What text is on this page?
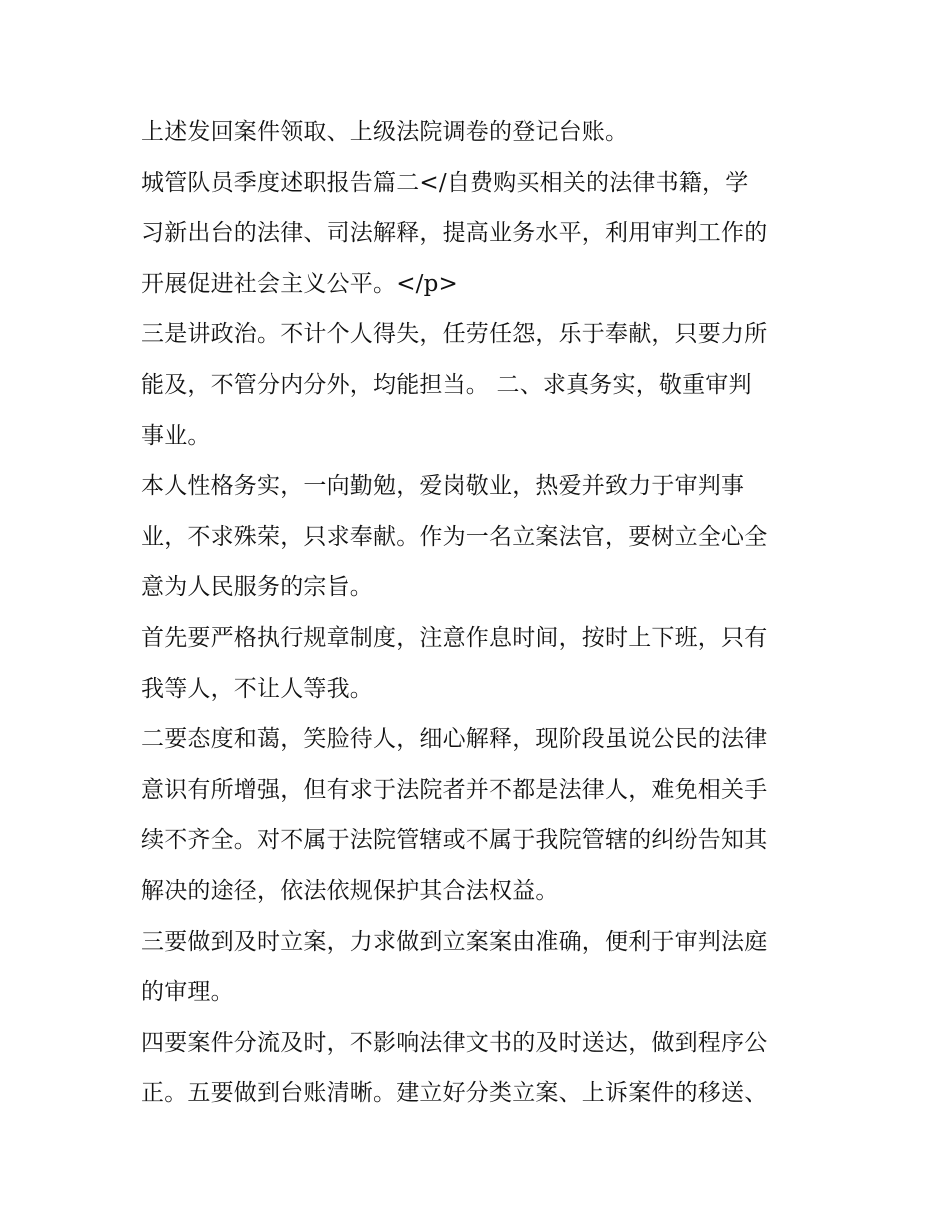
上述发回案件领取、上级法院调卷的登记台账。
城管队员季度述职报告篇二</自费购买相关的法律书籍，学
习新出台的法律、司法解释，提高业务水平，利用审判工作的
开展促进社会主义公平。</p>
三是讲政治。不计个人得失，任劳任怨，乐于奉献，只要力所
能及，不管分内分外，均能担当。 二、求真务实，敬重审判
事业。
本人性格务实，一向勤勉，爱岗敬业，热爱并致力于审判事
业，不求殊荣，只求奉献。作为一名立案法官，要树立全心全
意为人民服务的宗旨。
首先要严格执行规章制度，注意作息时间，按时上下班，只有
我等人，不让人等我。
二要态度和蔼，笑脸待人，细心解释，现阶段虽说公民的法律
意识有所增强，但有求于法院者并不都是法律人，难免相关手
续不齐全。对不属于法院管辖或不属于我院管辖的纠纷告知其
解决的途径，依法依规保护其合法权益。
三要做到及时立案，力求做到立案案由准确，便利于审判法庭
的审理。
四要案件分流及时，不影响法律文书的及时送达，做到程序公
正。五要做到台账清晰。建立好分类立案、上诉案件的移送、
